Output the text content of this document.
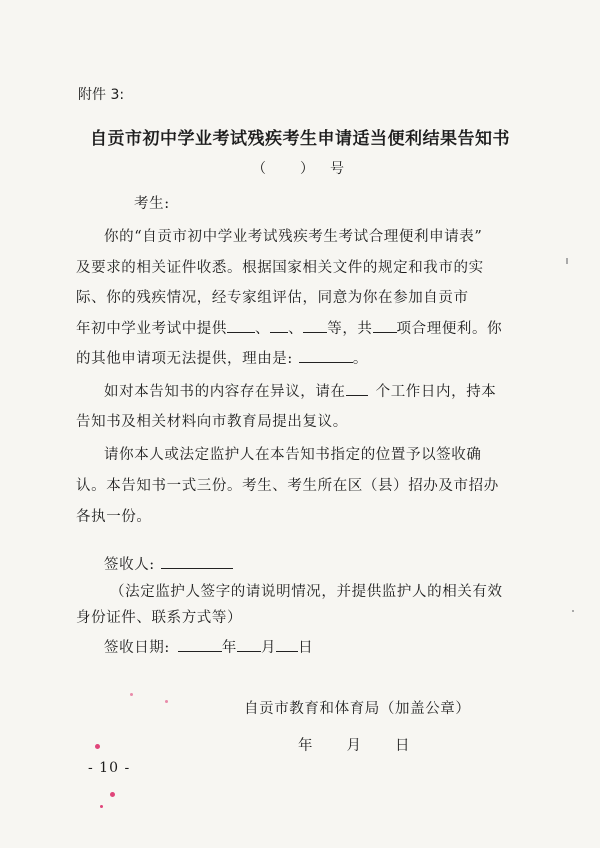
附件 3:
自贡市初中学业考试残疾考生申请适当便利结果告知书
（ ） 号
考生:
你的“自贡市初中学业考试残疾考生考试合理便利申请表”
及要求的相关证件收悉。根据国家相关文件的规定和我市的实
际、你的残疾情况，经专家组评估，同意为你在参加自贡市
年初中学业考试中提供 、 、 等，共 项合理便利。你
的其他申请项无法提供，理由是:	。
如对本告知书的内容存在异议，请在 个工作日内，持本
告知书及相关材料向市教育局提出复议。
请你本人或法定监护人在本告知书指定的位置予以签收确
认。本告知书一式三份。考生、考生所在区（县）招办及市招办
各执一份。
签收人:
（法定监护人签字的请说明情况，并提供监护人的相关有效
身份证件、联系方式等）
签收日期:	年 月 日
自贡市教育和体育局（加盖公章）
年 月 日
- 10 -
